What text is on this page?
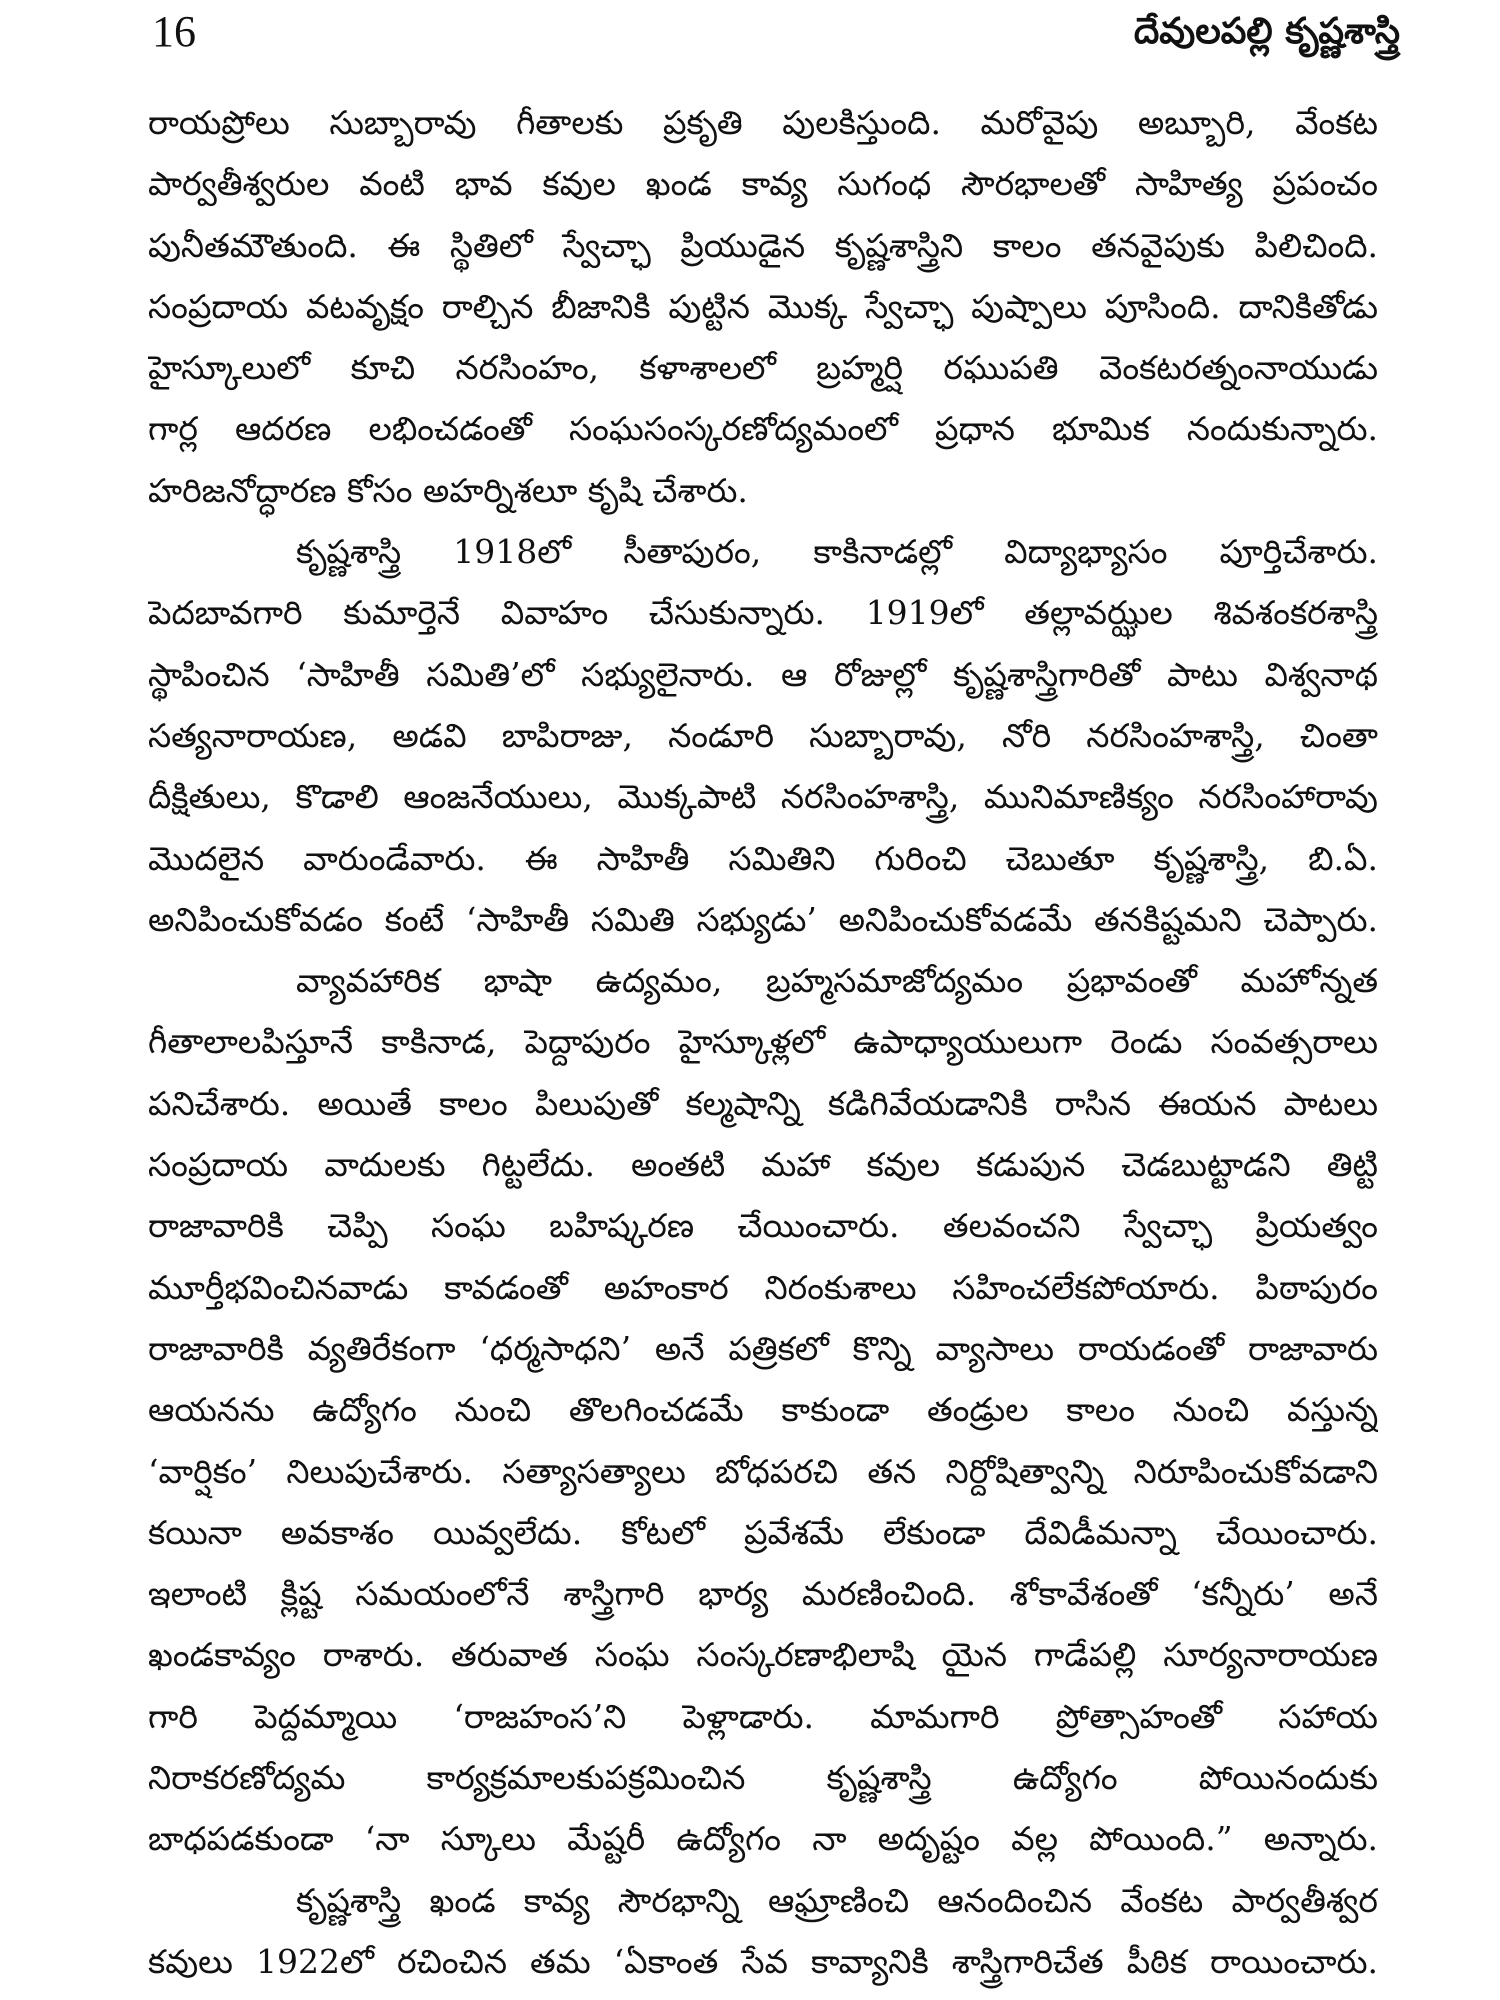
16	దేవులపల్లి కృష్ణశాస్త్రి
రాయప్రోలు సుబ్బారావు గీతాలకు ప్రకృతి పులకిస్తుంది. మరోవైపు అబ్బూరి, వేంకట
పార్వతీశ్వరుల వంటి భావ కవుల ఖండ కావ్య సుగంధ సౌరభాలతో సాహిత్య ప్రపంచం
పునీతమౌతుంది. ఈ స్థితిలో స్వేచ్ఛా ప్రియుడైన కృష్ణశాస్త్రిని కాలం తనవైపుకు పిలిచింది.
సంప్రదాయ వటవృక్షం రాల్చిన బీజానికి పుట్టిన మొక్క స్వేచ్ఛా పుష్పాలు పూసింది. దానికితోడు
హైస్కూలులో కూచి నరసింహం, కళాశాలలో బ్రహ్మర్షి రఘుపతి వెంకటరత్నంనాయుడు
గార్ల ఆదరణ లభించడంతో సంఘసంస్కరణోద్యమంలో ప్రధాన భూమిక నందుకున్నారు.
హరిజనోద్ధారణ కోసం అహర్నిశలూ కృషి చేశారు.
కృష్ణశాస్త్రి 1918లో సీతాపురం, కాకినాడల్లో విద్యాభ్యాసం పూర్తిచేశారు.
పెదబావగారి కుమార్తెనే వివాహం చేసుకున్నారు. 1919లో తల్లావఝ్ఝల శివశంకరశాస్త్రి
స్థాపించిన ‘సాహితీ సమితి’లో సభ్యులైనారు. ఆ రోజుల్లో కృష్ణశాస్త్రిగారితో పాటు విశ్వనాథ
సత్యనారాయణ, అడవి బాపిరాజు, నండూరి సుబ్బారావు, నోరి నరసింహశాస్త్రి, చింతా
దీక్షితులు, కొడాలి ఆంజనేయులు, మొక్కపాటి నరసింహశాస్త్రి, మునిమాణిక్యం నరసింహారావు
మొదలైన వారుండేవారు. ఈ సాహితీ సమితిని గురించి చెబుతూ కృష్ణశాస్త్రి, బి.ఏ.
అనిపించుకోవడం కంటే ‘సాహితీ సమితి సభ్యుడు’ అనిపించుకోవడమే తనకిష్టమని చెప్పారు.
వ్యావహారిక భాషా ఉద్యమం, బ్రహ్మసమాజోద్యమం ప్రభావంతో మహోన్నత
గీతాలాలపిస్తూనే కాకినాడ, పెద్దాపురం హైస్కూళ్లలో ఉపాధ్యాయులుగా రెండు సంవత్సరాలు
పనిచేశారు. అయితే కాలం పిలుపుతో కల్మషాన్ని కడిగివేయడానికి రాసిన ఈయన పాటలు
సంప్రదాయ వాదులకు గిట్టలేదు. అంతటి మహా కవుల కడుపున చెడబుట్టాడని తిట్టి
రాజావారికి చెప్పి సంఘ బహిష్కరణ చేయించారు. తలవంచని స్వేచ్ఛా ప్రియత్వం
మూర్తీభవించినవాడు కావడంతో అహంకార నిరంకుశాలు సహించలేకపోయారు. పిఠాపురం
రాజావారికి వ్యతిరేకంగా ‘ధర్మసాధని’ అనే పత్రికలో కొన్ని వ్యాసాలు రాయడంతో రాజావారు
ఆయనను ఉద్యోగం నుంచి తొలగించడమే కాకుండా తండ్రుల కాలం నుంచి వస్తున్న
‘వార్షికం’ నిలుపుచేశారు. సత్యాసత్యాలు బోధపరచి తన నిర్దోషిత్వాన్ని నిరూపించుకోవడాని
కయినా అవకాశం యివ్వలేదు. కోటలో ప్రవేశమే లేకుండా దేవిడీమన్నా చేయించారు.
ఇలాంటి క్లిష్ట సమయంలోనే శాస్త్రిగారి భార్య మరణించింది. శోకావేశంతో ‘కన్నీరు’ అనే
ఖండకావ్యం రాశారు. తరువాత సంఘ సంస్కరణాభిలాషి యైన గాడేపల్లి సూర్యనారాయణ
గారి పెద్దమ్మాయి ‘రాజహంస’ని పెళ్లాడారు. మామగారి ప్రోత్సాహంతో సహాయ
నిరాకరణోద్యమ కార్యక్రమాలకుపక్రమించిన కృష్ణశాస్త్రి ఉద్యోగం పోయినందుకు
బాధపడకుండా ‘నా స్కూలు మేష్టరీ ఉద్యోగం నా అదృష్టం వల్ల పోయింది.” అన్నారు.
కృష్ణశాస్త్రి ఖండ కావ్య సౌరభాన్ని ఆఘ్రాణించి ఆనందించిన వేంకట పార్వతీశ్వర
కవులు 1922లో రచించిన తమ ‘ఏకాంత సేవ కావ్యానికి శాస్త్రిగారిచేత పీఠిక రాయించారు.
